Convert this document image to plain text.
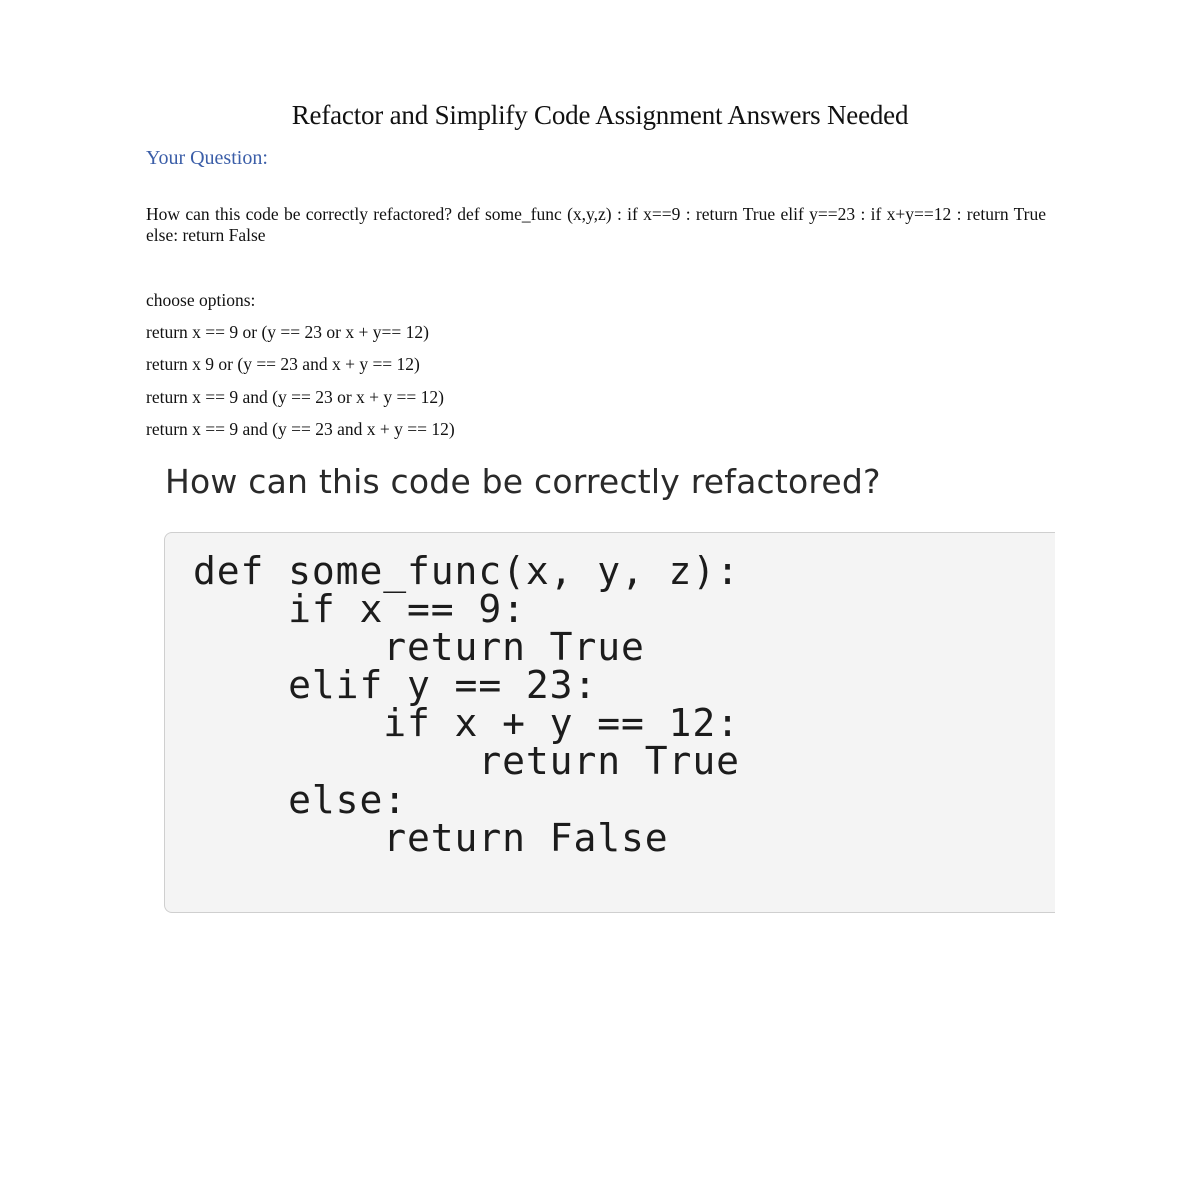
Refactor and Simplify Code Assignment Answers Needed
Your Question:
How can this code be correctly refactored? def some_func (x,y,z) : if x==9 : return True elif y==23 : if x+y==12 : return True else: return False
choose options:
return x == 9 or (y == 23 or x + y== 12)
return x 9 or (y == 23 and x + y == 12)
return x == 9 and (y == 23 or x + y == 12)
return x == 9 and (y == 23 and x + y == 12)
How can this code be correctly refactored?
def some_func(x, y, z):
if x == 9:
return True
elif y == 23:
if x + y == 12:
return True
else:
return False
